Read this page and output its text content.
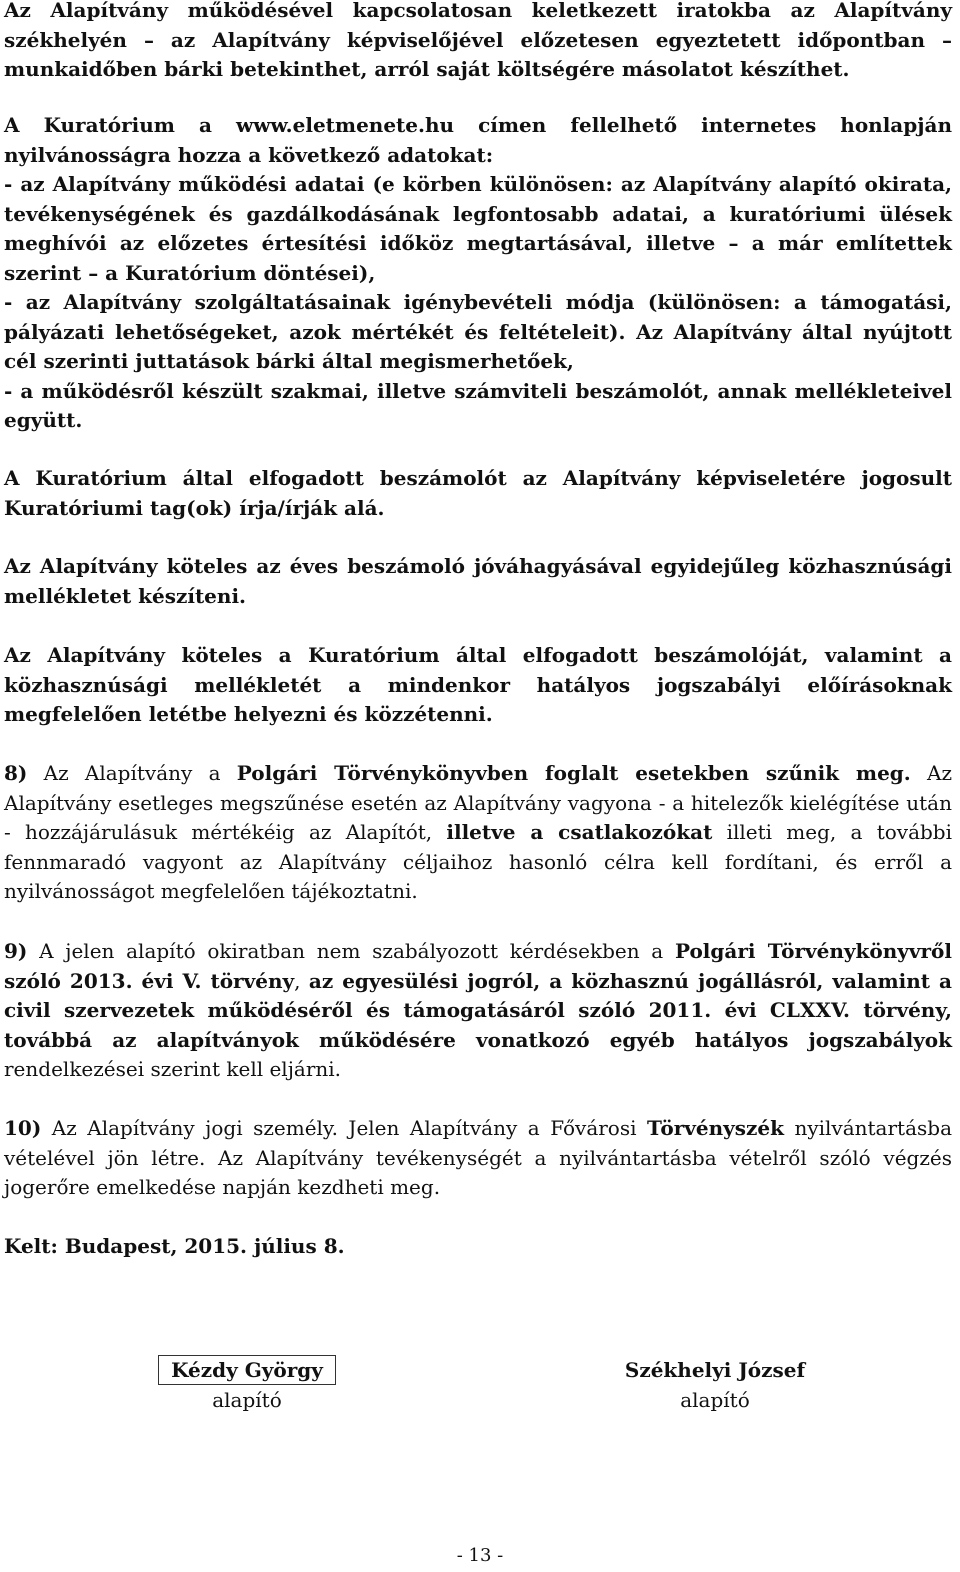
Az Alapítvány működésével kapcsolatosan keletkezett iratokba az Alapítvány székhelyén – az Alapítvány képviselőjével előzetesen egyeztetett időpontban – munkaidőben bárki betekinthet, arról saját költségére másolatot készíthet.

A Kuratórium a www.eletmenete.hu címen fellelhető internetes honlapján nyilvánosságra hozza a következő adatokat:

- az Alapítvány működési adatai (e körben különösen: az Alapítvány alapító okirata, tevékenységének és gazdálkodásának legfontosabb adatai, a kuratóriumi ülések meghívói az előzetes értesítési időköz megtartásával, illetve – a már említettek szerint – a Kuratórium döntései),

- az Alapítvány szolgáltatásainak igénybevételi módja (különösen: a támogatási, pályázati lehetőségeket, azok mértékét és feltételeit). Az Alapítvány által nyújtott cél szerinti juttatások bárki által megismerhetőek,

- a működésről készült szakmai, illetve számviteli beszámolót, annak mellékleteivel együtt.

A Kuratórium által elfogadott beszámolót az Alapítvány képviseletére jogosult Kuratóriumi tag(ok) írja/írják alá.

Az Alapítvány köteles az éves beszámoló jóváhagyásával egyidejűleg közhasznúsági mellékletet készíteni.

Az Alapítvány köteles a Kuratórium által elfogadott beszámolóját, valamint a közhasznúsági mellékletét a mindenkor hatályos jogszabályi előírásoknak megfelelően letétbe helyezni és közzétenni.

8) Az Alapítvány a Polgári Törvénykönyvben foglalt esetekben szűnik meg. Az Alapítvány esetleges megszűnése esetén az Alapítvány vagyona - a hitelezők kielégítése után - hozzájárulásuk mértékéig az Alapítót, illetve a csatlakozókat illeti meg, a további fennmaradó vagyont az Alapítvány céljaihoz hasonló célra kell fordítani, és erről a nyilvánosságot megfelelően tájékoztatni.

9) A jelen alapító okiratban nem szabályozott kérdésekben a Polgári Törvénykönyvről szóló 2013. évi V. törvény, az egyesülési jogról, a közhasznú jogállásról, valamint a civil szervezetek működéséről és támogatásáról szóló 2011. évi CLXXV. törvény, továbbá az alapítványok működésére vonatkozó egyéb hatályos jogszabályok rendelkezései szerint kell eljárni.

10) Az Alapítvány jogi személy. Jelen Alapítvány a Fővárosi Törvényszék nyilvántartásba vételével jön létre. Az Alapítvány tevékenységét a nyilvántartásba vételről szóló végzés jogerőre emelkedése napján kezdheti meg.

Kelt: Budapest, 2015. július 8.

Kézdy György
alapító
Székhelyi József
alapító
- 13 -
